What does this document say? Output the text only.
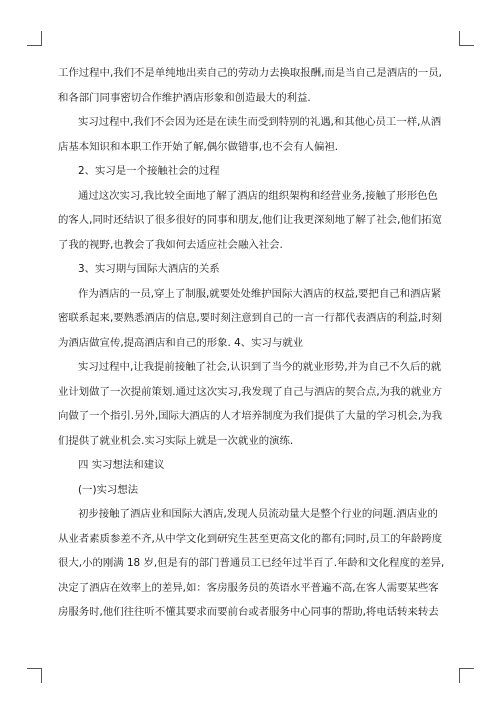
工作过程中,我们不是单纯地出卖自己的劳动力去换取报酬,而是当自己是酒店的一员,
和各部门同事密切合作维护酒店形象和创造最大的利益.
实习过程中,我们不会因为还是在读生而受到特别的礼遇,和其他心员工一样,从酒
店基本知识和本职工作开始了解,偶尔做错事,也不会有人偏袒.
2、实习是一个接触社会的过程
通过这次实习,我比较全面地了解了酒店的组织架构和经营业务,接触了形形色色
的客人,同时还结识了很多很好的同事和朋友,他们让我更深刻地了解了社会,他们拓宽
了我的视野,也教会了我如何去适应社会融入社会.
3、实习期与国际大酒店的关系
作为酒店的一员,穿上了制服,就要处处维护国际大酒店的权益,要把自己和酒店紧
密联系起来,要熟悉酒店的信息,要时刻注意到自己的一言一行都代表酒店的利益,时刻
为酒店做宣传,提高酒店和自己的形象. 4、实习与就业
实习过程中,让我提前接触了社会,认识到了当今的就业形势,并为自己不久后的就
业计划做了一次提前策划.通过这次实习,我发现了自己与酒店的契合点,为我的就业方
向做了一个指引.另外,国际大酒店的人才培养制度为我们提供了大量的学习机会,为我
们提供了就业机会.实习实际上就是一次就业的演练.
四 实习想法和建议
(一)实习想法
初步接触了酒店业和国际大酒店,发现人员流动量大是整个行业的问题.酒店业的
从业者素质参差不齐,从中学文化到研究生甚至更高文化的都有;同时,员工的年龄跨度
很大,小的刚满 18 岁,但是有的部门普通员工已经年过半百了.年龄和文化程度的差异,
决定了酒店在效率上的差异,如：客房服务员的英语水平普遍不高,在客人需要某些客
房服务时,他们往往听不懂其要求而要前台或者服务中心同事的帮助,将电话转来转去
